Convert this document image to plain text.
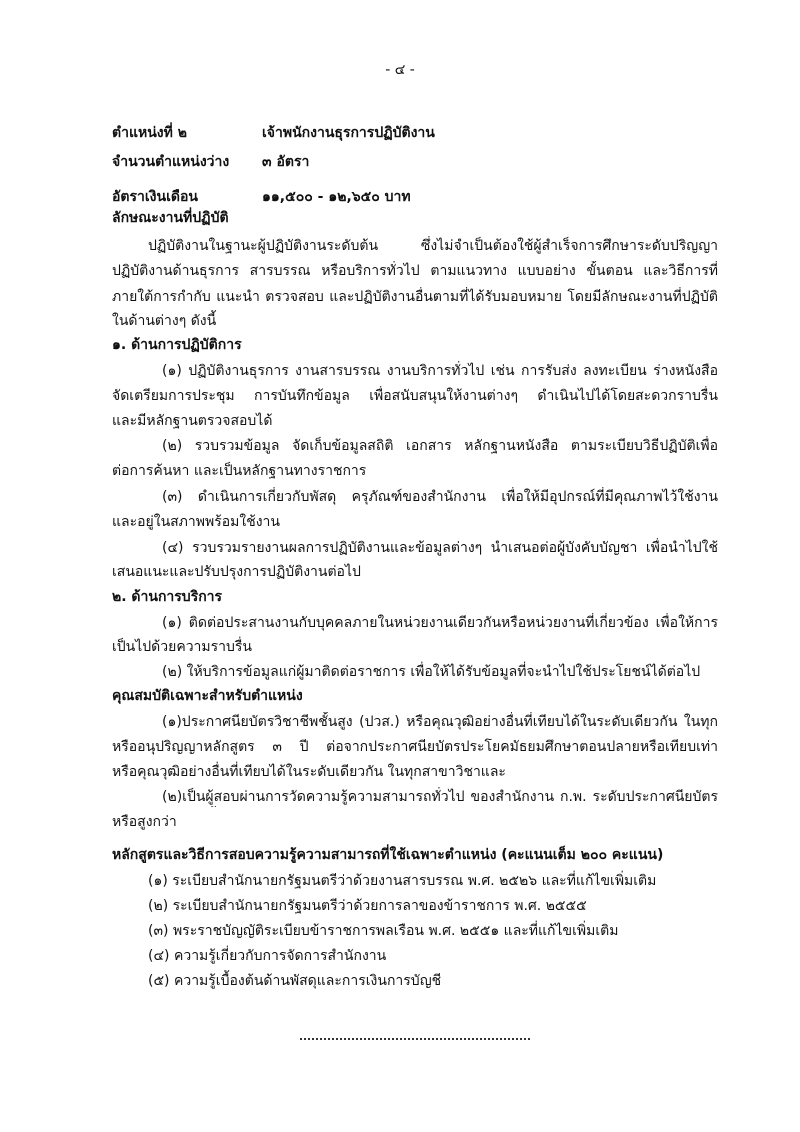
- ๔ -
ตำแหน่งที่ ๒	เจ้าพนักงานธุรการปฏิบัติงาน
จำนวนตำแหน่งว่าง ๓ อัตรา
อัตราเงินเดือน	๑๑,๕๐๐ - ๑๒,๖๕๐ บาท
ลักษณะงานที่ปฏิบัติ
ปฏิบัติงานในฐานะผู้ปฏิบัติงานระดับต้น ซึ่งไม่จำเป็นต้องใช้ผู้สำเร็จการศึกษาระดับปริญญา
ปฏิบัติงานด้านธุรการ สารบรรณ หรือบริการทั่วไป ตามแนวทาง แบบอย่าง ขั้นตอน และวิธีการที่
ภายใต้การกำกับ แนะนำ ตรวจสอบ และปฏิบัติงานอื่นตามที่ได้รับมอบหมาย โดยมีลักษณะงานที่ปฏิบัติ
ในด้านต่างๆ ดังนี้
๑. ด้านการปฏิบัติการ
(๑) ปฏิบัติงานธุรการ งานสารบรรณ งานบริการทั่วไป เช่น การรับส่ง ลงทะเบียน ร่างหนังสือ
จัดเตรียมการประชุม การบันทึกข้อมูล เพื่อสนับสนุนให้งานต่างๆ ดำเนินไปได้โดยสะดวกราบรื่น
และมีหลักฐานตรวจสอบได้
(๒) รวบรวมข้อมูล จัดเก็บข้อมูลสถิติ เอกสาร หลักฐานหนังสือ ตามระเบียบวิธีปฏิบัติเพื่อ
ต่อการค้นหา และเป็นหลักฐานทางราชการ
(๓) ดำเนินการเกี่ยวกับพัสดุ ครุภัณฑ์ของสำนักงาน เพื่อให้มีอุปกรณ์ที่มีคุณภาพไว้ใช้งาน
และอยู่ในสภาพพร้อมใช้งาน
(๔) รวบรวมรายงานผลการปฏิบัติงานและข้อมูลต่างๆ นำเสนอต่อผู้บังคับบัญชา เพื่อนำไปใช้
เสนอแนะและปรับปรุงการปฏิบัติงานต่อไป
๒. ด้านการบริการ
(๑) ติดต่อประสานงานกับบุคคลภายในหน่วยงานเดียวกันหรือหน่วยงานที่เกี่ยวข้อง เพื่อให้การ
เป็นไปด้วยความราบรื่น
(๒) ให้บริการข้อมูลแก่ผู้มาติดต่อราชการ เพื่อให้ได้รับข้อมูลที่จะนำไปใช้ประโยชน์ได้ต่อไป
คุณสมบัติเฉพาะสำหรับตำแหน่ง
(๑)ประกาศนียบัตรวิชาชีพชั้นสูง (ปวส.) หรือคุณวุฒิอย่างอื่นที่เทียบได้ในระดับเดียวกัน ในทุก
หรืออนุปริญญาหลักสูตร ๓ ปี ต่อจากประกาศนียบัตรประโยคมัธยมศึกษาตอนปลายหรือเทียบเท่า
หรือคุณวุฒิอย่างอื่นที่เทียบได้ในระดับเดียวกัน ในทุกสาขาวิชาและ
(๒)เป็นผู้สอบผ่านการวัดความรู้ความสามารถทั่วไป ของสำนักงาน ก.พ. ระดับประกาศนียบัตร
หรือสูงกว่า
หลักสูตรและวิธีการสอบความรู้ความสามารถที่ใช้เฉพาะตำแหน่ง (คะแนนเต็ม ๒๐๐ คะแนน)
(๑) ระเบียบสำนักนายกรัฐมนตรีว่าด้วยงานสารบรรณ พ.ศ. ๒๕๒๖ และที่แก้ไขเพิ่มเติม
(๒) ระเบียบสำนักนายกรัฐมนตรีว่าด้วยการลาของข้าราชการ พ.ศ. ๒๕๕๕
(๓) พระราชบัญญัติระเบียบข้าราชการพลเรือน พ.ศ. ๒๕๕๑ และที่แก้ไขเพิ่มเติม
(๔) ความรู้เกี่ยวกับการจัดการสำนักงาน
(๕) ความรู้เบื้องต้นด้านพัสดุและการเงินการบัญชี
